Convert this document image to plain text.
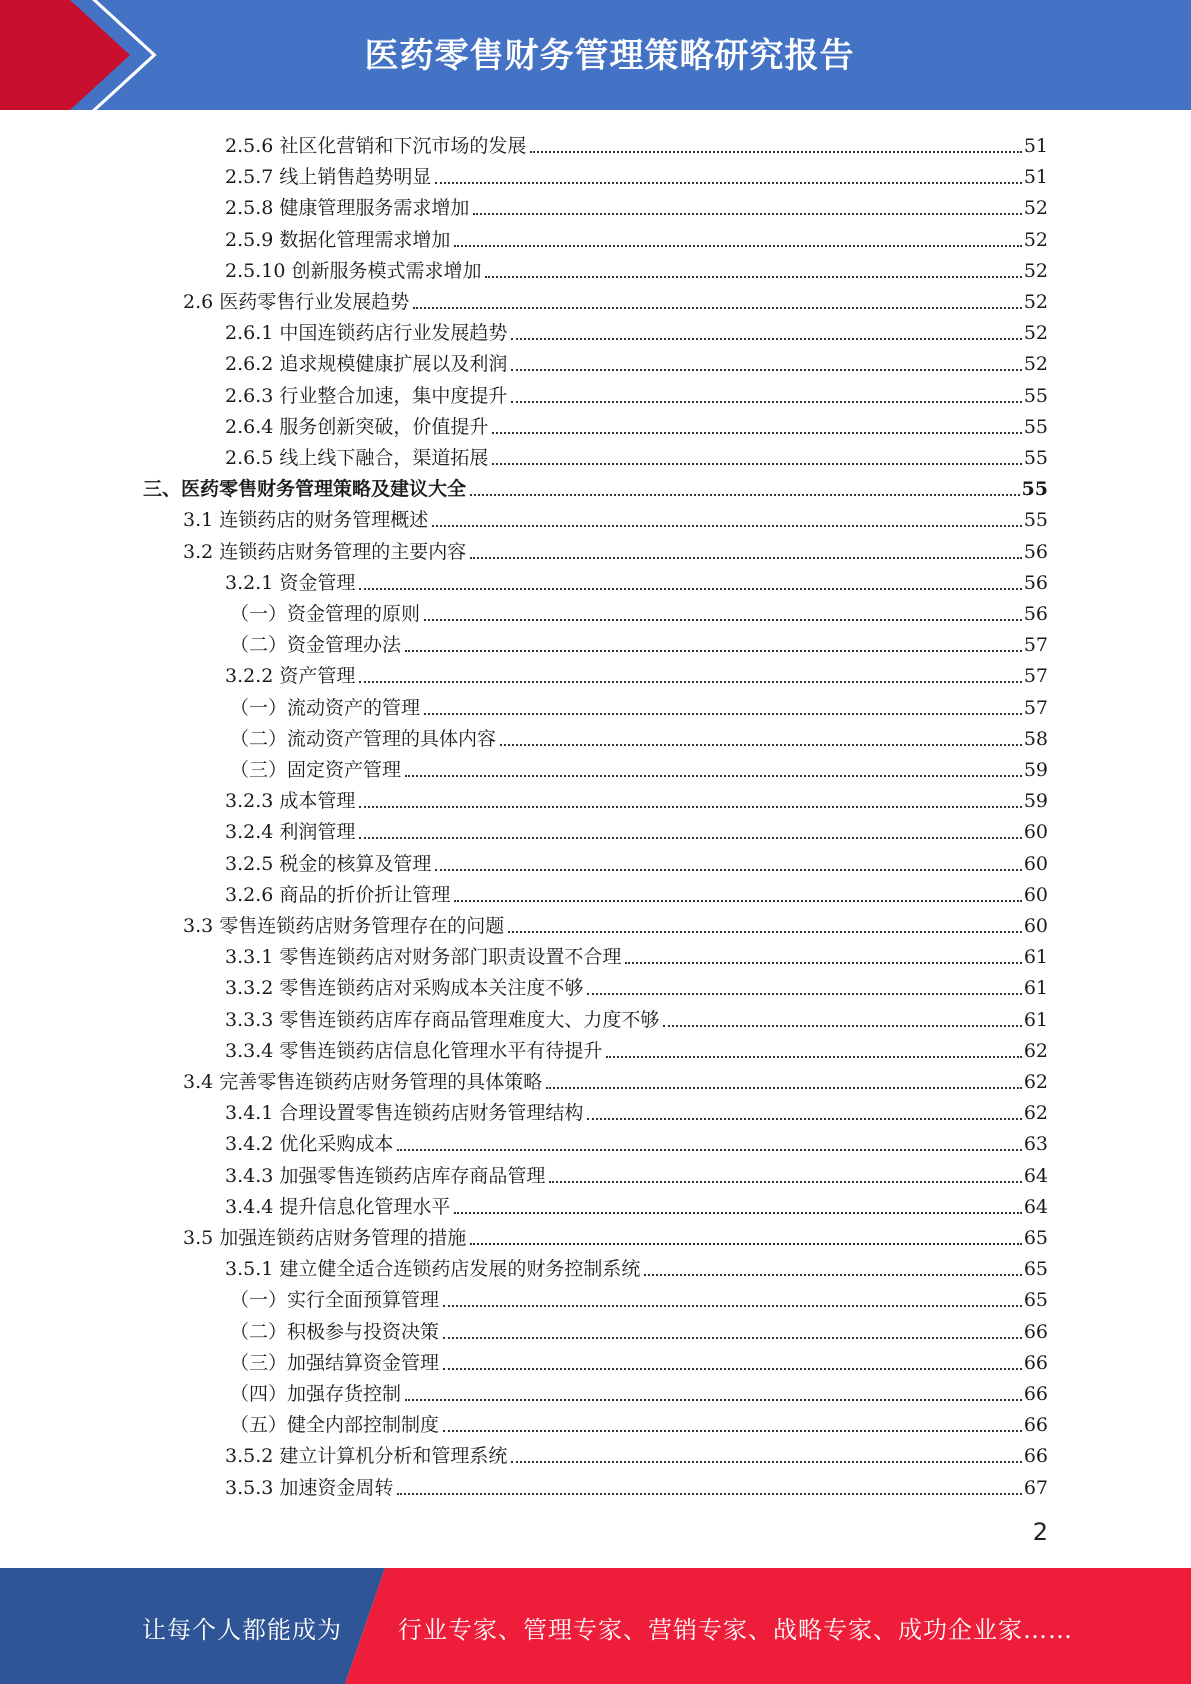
医药零售财务管理策略研究报告
2.5.6 社区化营销和下沉市场的发展	51
2.5.7 线上销售趋势明显	51
2.5.8 健康管理服务需求增加	52
2.5.9 数据化管理需求增加	52
2.5.10 创新服务模式需求增加	52
2.6 医药零售行业发展趋势	52
2.6.1 中国连锁药店行业发展趋势	52
2.6.2 追求规模健康扩展以及利润	52
2.6.3 行业整合加速，集中度提升	55
2.6.4 服务创新突破，价值提升	55
2.6.5 线上线下融合，渠道拓展	55
三、医药零售财务管理策略及建议大全	55
3.1 连锁药店的财务管理概述	55
3.2 连锁药店财务管理的主要内容	56
3.2.1 资金管理	56
（一）资金管理的原则	56
（二）资金管理办法	57
3.2.2 资产管理	57
（一）流动资产的管理	57
（二）流动资产管理的具体内容	58
（三）固定资产管理	59
3.2.3 成本管理	59
3.2.4 利润管理	60
3.2.5 税金的核算及管理	60
3.2.6 商品的折价折让管理	60
3.3 零售连锁药店财务管理存在的问题	60
3.3.1 零售连锁药店对财务部门职责设置不合理	61
3.3.2 零售连锁药店对采购成本关注度不够	61
3.3.3 零售连锁药店库存商品管理难度大、力度不够	61
3.3.4 零售连锁药店信息化管理水平有待提升	62
3.4 完善零售连锁药店财务管理的具体策略	62
3.4.1 合理设置零售连锁药店财务管理结构	62
3.4.2 优化采购成本	63
3.4.3 加强零售连锁药店库存商品管理	64
3.4.4 提升信息化管理水平	64
3.5 加强连锁药店财务管理的措施	65
3.5.1 建立健全适合连锁药店发展的财务控制系统	65
（一）实行全面预算管理	65
（二）积极参与投资决策	66
（三）加强结算资金管理	66
（四）加强存货控制	66
（五）健全内部控制制度	66
3.5.2 建立计算机分析和管理系统	66
3.5.3 加速资金周转	67
2
让每个人都能成为 行业专家、管理专家、营销专家、战略专家、成功企业家……
